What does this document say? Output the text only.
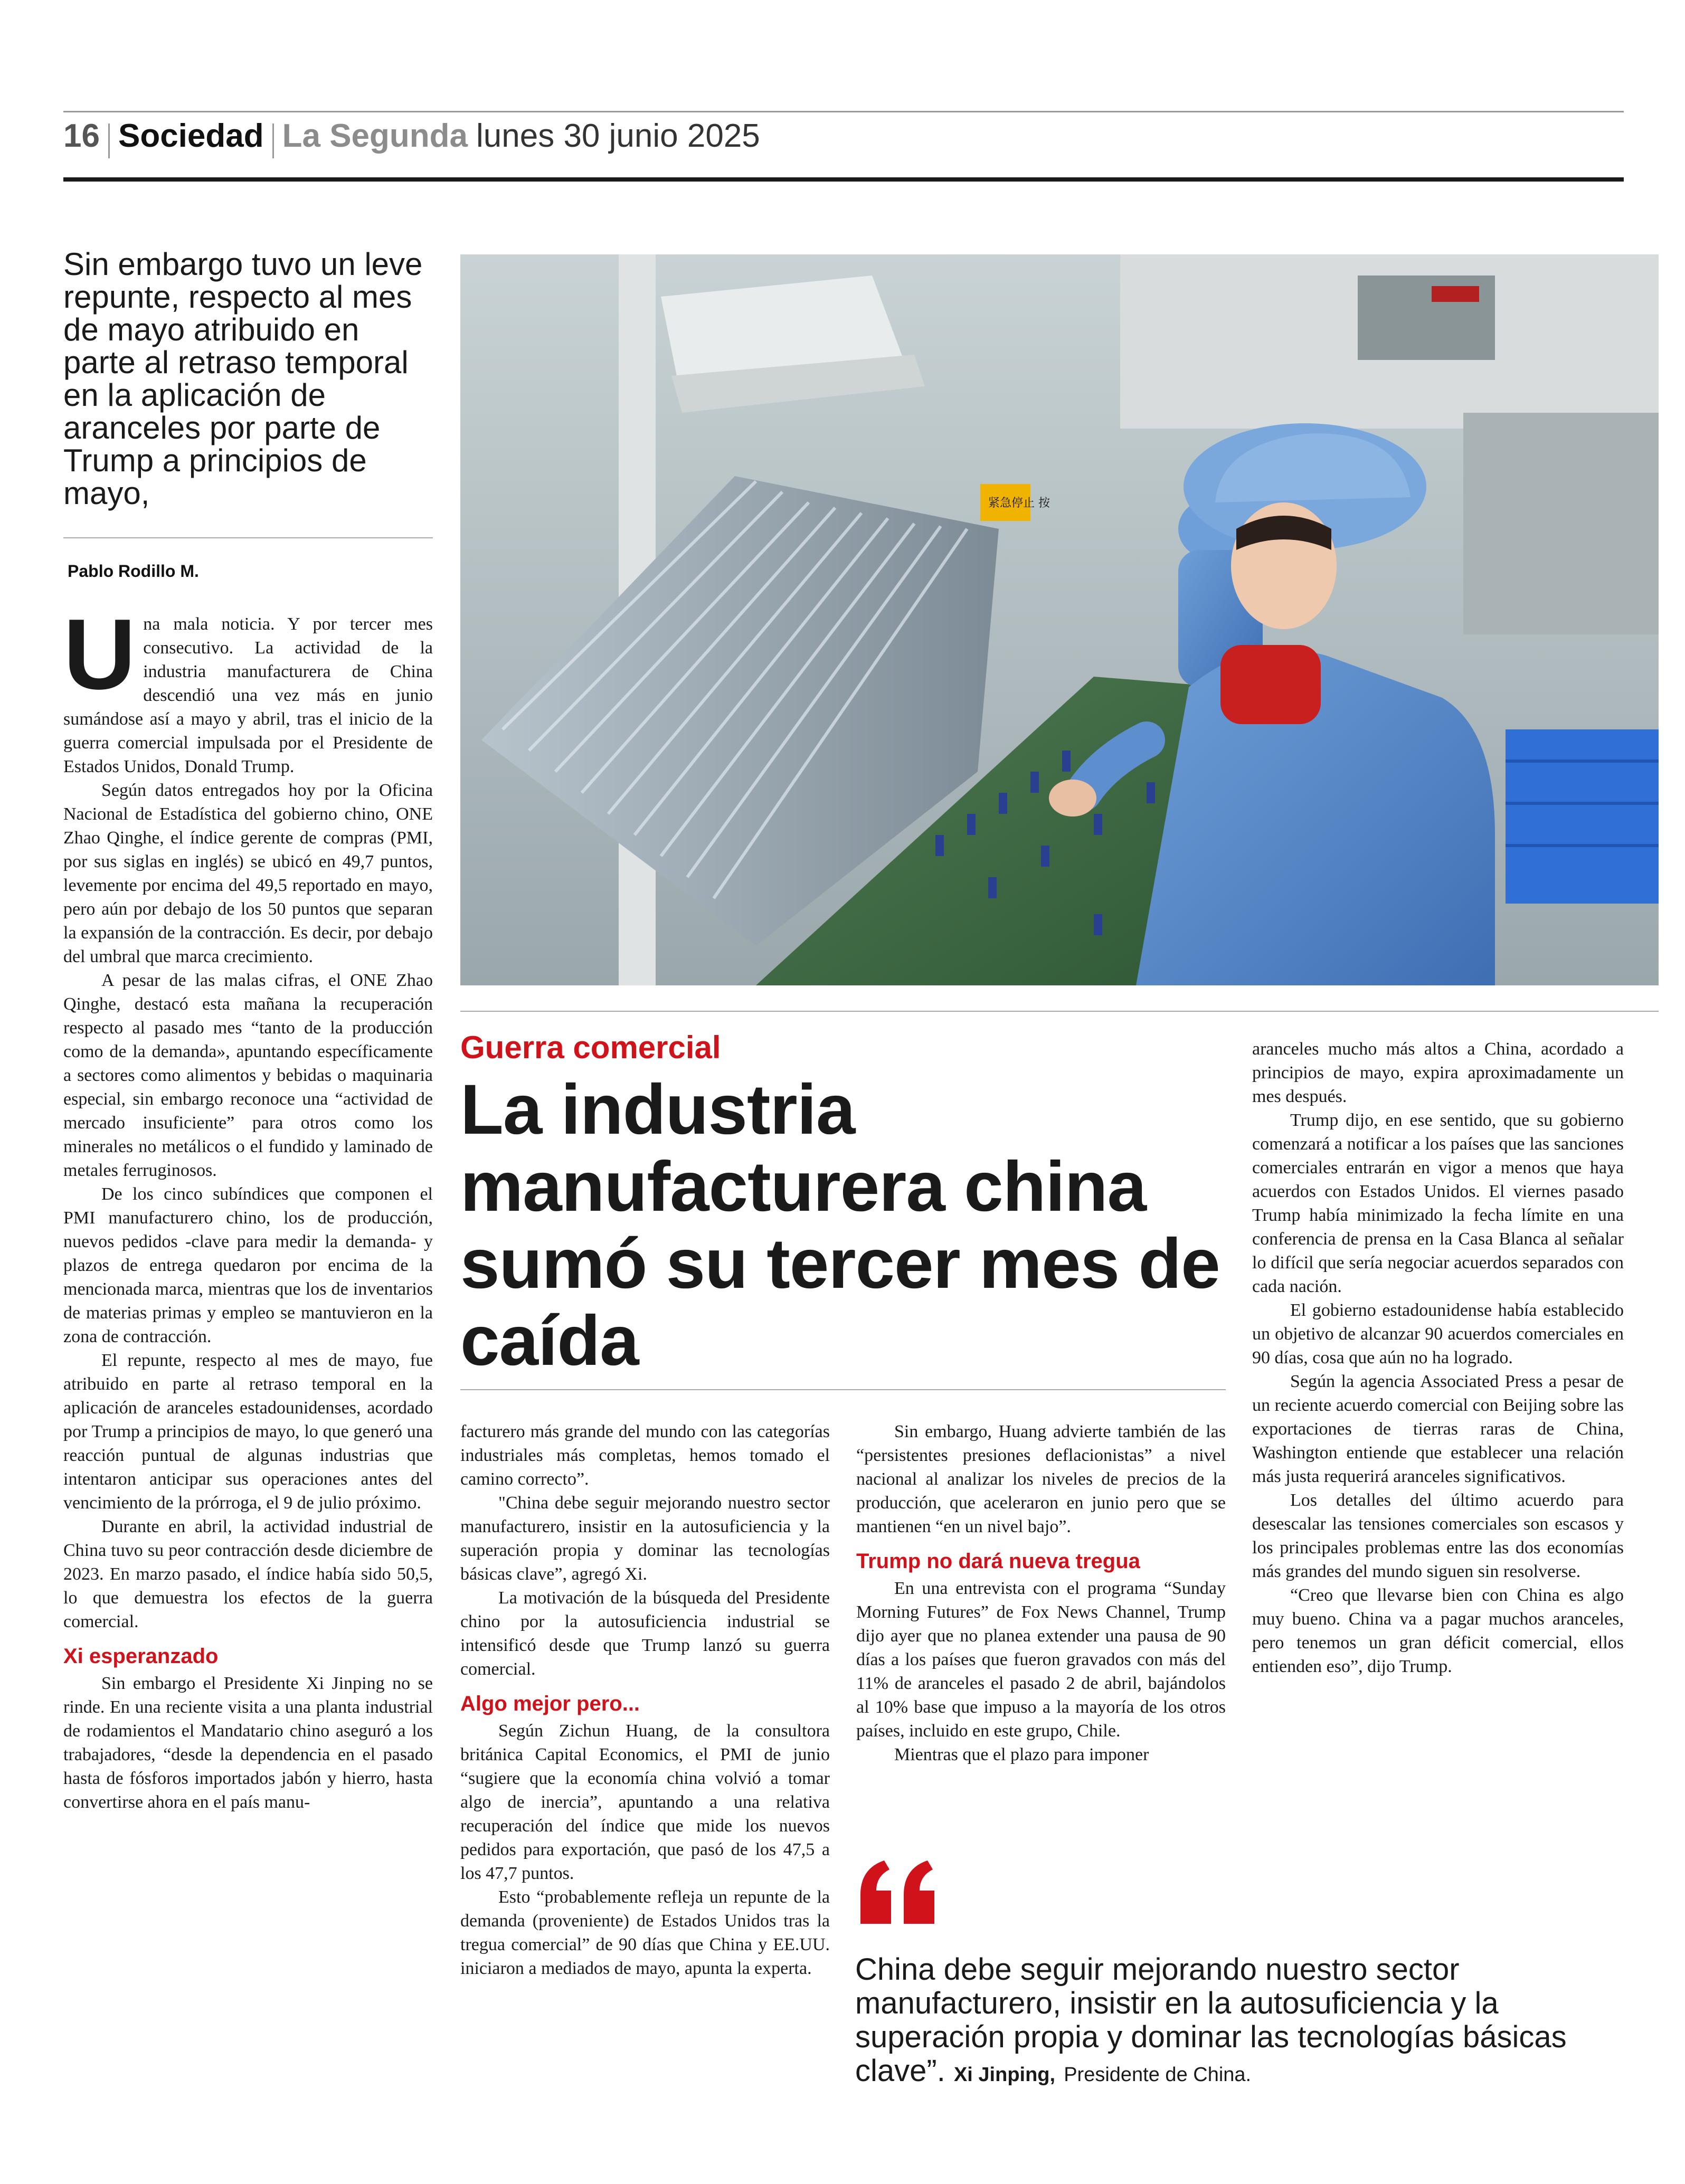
16 Sociedad La Segunda lunes 30 junio 2025
Sin embargo tuvo un leve repunte, respecto al mes de mayo atribuido en parte al retraso temporal en la aplicación de aranceles por parte de Trump a principios de mayo,
Pablo Rodillo M.

Una mala noticia. Y por tercer mes consecutivo. La actividad de la industria manufacturera de China descendió una vez más en junio sumándose así a mayo y abril, tras el inicio de la guerra comercial impulsada por el Presidente de Estados Unidos, Donald Trump.

Según datos entregados hoy por la Oficina Nacional de Estadística del gobierno chino, ONE Zhao Qinghe, el índice gerente de compras (PMI, por sus siglas en inglés) se ubicó en 49,7 puntos, levemente por encima del 49,5 reportado en mayo, pero aún por debajo de los 50 puntos que separan la expansión de la contracción. Es decir, por debajo del umbral que marca crecimiento.

A pesar de las malas cifras, el ONE Zhao Qinghe, destacó esta mañana la recuperación respecto al pasado mes “tanto de la producción como de la demanda», apuntando específicamente a sectores como alimentos y bebidas o maquinaria especial, sin embargo reconoce una “actividad de mercado insuficiente” para otros como los minerales no metálicos o el fundido y laminado de metales ferruginosos.

De los cinco subíndices que componen el PMI manufacturero chino, los de producción, nuevos pedidos -clave para medir la demanda- y plazos de entrega quedaron por encima de la mencionada marca, mientras que los de inventarios de materias primas y empleo se mantuvieron en la zona de contracción.

El repunte, respecto al mes de mayo, fue atribuido en parte al retraso temporal en la aplicación de aranceles estadounidenses, acordado por Trump a principios de mayo, lo que generó una reacción puntual de algunas industrias que intentaron anticipar sus operaciones antes del vencimiento de la prórroga, el 9 de julio próximo.

Durante en abril, la actividad industrial de China tuvo su peor contracción desde diciembre de 2023. En marzo pasado, el índice había sido 50,5, lo que demuestra los efectos de la guerra comercial.

Xi esperanzado

Sin embargo el Presidente Xi Jinping no se rinde. En una reciente visita a una planta industrial de rodamientos el Mandatario chino aseguró a los trabajadores, “desde la dependencia en el pasado hasta de fósforos importados jabón y hierro, hasta convertirse ahora en el país manu-

紧急停止 按
Guerra comercial
La industria manufacturera china sumó su tercer mes de caída

facturero más grande del mundo con las categorías industriales más completas, hemos tomado el camino correcto”.

"China debe seguir mejorando nuestro sector manufacturero, insistir en la autosuficiencia y la superación propia y dominar las tecnologías básicas clave”, agregó Xi.

La motivación de la búsqueda del Presidente chino por la autosuficiencia industrial se intensificó desde que Trump lanzó su guerra comercial.

Algo mejor pero...

Según Zichun Huang, de la consultora británica Capital Economics, el PMI de junio “sugiere que la economía china volvió a tomar algo de inercia”, apuntando a una relativa recuperación del índice que mide los nuevos pedidos para exportación, que pasó de los 47,5 a los 47,7 puntos.

Esto “probablemente refleja un repunte de la demanda (proveniente) de Estados Unidos tras la tregua comercial” de 90 días que China y EE.UU. iniciaron a mediados de mayo, apunta la experta.

Sin embargo, Huang advierte también de las “persistentes presiones deflacionistas” a nivel nacional al analizar los niveles de precios de la producción, que aceleraron en junio pero que se mantienen “en un nivel bajo”.

Trump no dará nueva tregua

En una entrevista con el programa “Sunday Morning Futures” de Fox News Channel, Trump dijo ayer que no planea extender una pausa de 90 días a los países que fueron gravados con más del 11% de aranceles el pasado 2 de abril, bajándolos al 10% base que impuso a la mayoría de los otros países, incluido en este grupo, Chile.

Mientras que el plazo para imponer

aranceles mucho más altos a China, acordado a principios de mayo, expira aproximadamente un mes después.

Trump dijo, en ese sentido, que su gobierno comenzará a notificar a los países que las sanciones comerciales entrarán en vigor a menos que haya acuerdos con Estados Unidos. El viernes pasado Trump había minimizado la fecha límite en una conferencia de prensa en la Casa Blanca al señalar lo difícil que sería negociar acuerdos separados con cada nación.

El gobierno estadounidense había establecido un objetivo de alcanzar 90 acuerdos comerciales en 90 días, cosa que aún no ha logrado.

Según la agencia Associated Press a pesar de un reciente acuerdo comercial con Beijing sobre las exportaciones de tierras raras de China, Washington entiende que establecer una relación más justa requerirá aranceles significativos.

Los detalles del último acuerdo para desescalar las tensiones comerciales son escasos y los principales problemas entre las dos economías más grandes del mundo siguen sin resolverse.

“Creo que llevarse bien con China es algo muy bueno. China va a pagar muchos aranceles, pero tenemos un gran déficit comercial, ellos entienden eso”, dijo Trump.

China debe seguir mejorando nuestro sector manufacturero, insistir en la autosuficiencia y la superación propia y dominar las tecnologías básicas clave”. Xi Jinping, Presidente de China.
